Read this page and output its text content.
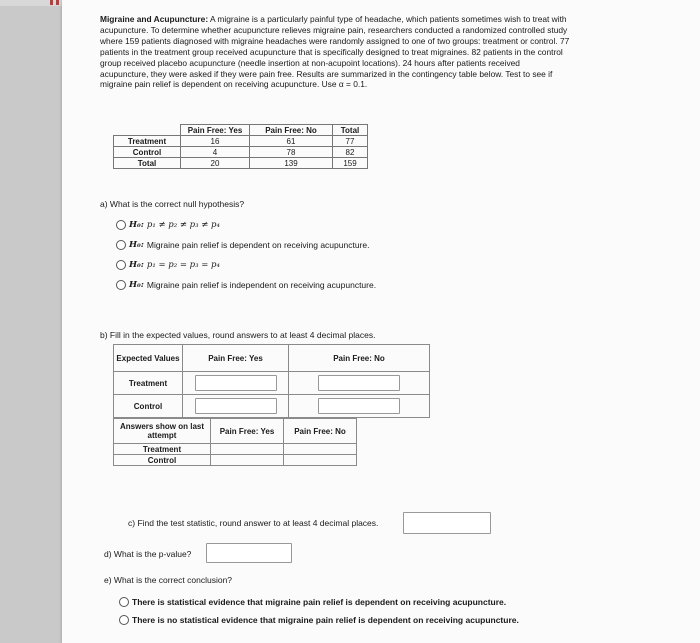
Migraine and Acupuncture: A migraine is a particularly painful type of headache, which patients sometimes wish to treat with acupuncture. To determine whether acupuncture relieves migraine pain, researchers conducted a randomized controlled study where 159 patients diagnosed with migraine headaches were randomly assigned to one of two groups: treatment or control. 77 patients in the treatment group received acupuncture that is specifically designed to treat migraines. 82 patients in the control group received placebo acupuncture (needle insertion at non-acupoint locations). 24 hours after patients received acupuncture, they were asked if they were pain free. Results are summarized in the contingency table below. Test to see if migraine pain relief is dependent on receiving acupuncture. Use α = 0.1.
	Pain Free: Yes	Pain Free: No	Total
Treatment	16	61	77
Control	4	78	82
Total	20	139	159
a) What is the correct null hypothesis?
H₀: p₁ ≠ p₂ ≠ p₃ ≠ p₄
H₀: Migraine pain relief is dependent on receiving acupuncture.
H₀: p₁ = p₂ = p₃ = p₄
H₀: Migraine pain relief is independent on receiving acupuncture.
b) Fill in the expected values, round answers to at least 4 decimal places.
Expected Values	Pain Free: Yes	Pain Free: No
Treatment	

Control	

Answers show on last attempt	Pain Free: Yes	Pain Free: No
Treatment		
Control		
c) Find the test statistic, round answer to at least 4 decimal places.
d) What is the p-value?
e) What is the correct conclusion?
There is statistical evidence that migraine pain relief is dependent on receiving acupuncture.
There is no statistical evidence that migraine pain relief is dependent on receiving acupuncture.
